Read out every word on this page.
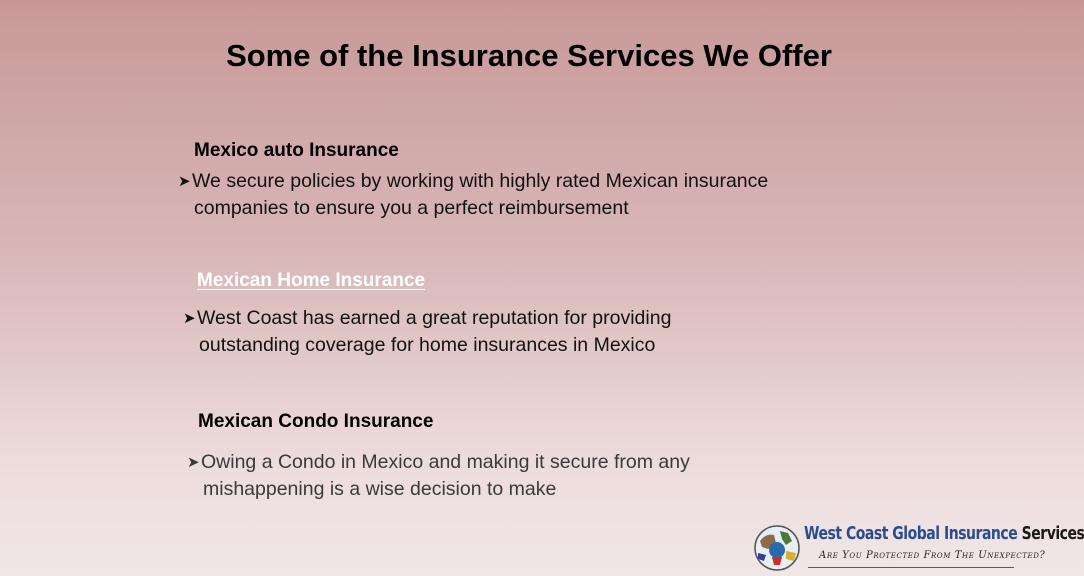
Some of the Insurance Services We Offer
Mexico auto Insurance
➤We secure policies by working with highly rated Mexican insurance
companies to ensure you a perfect reimbursement
Mexican Home Insurance
➤West Coast has earned a great reputation for providing
outstanding coverage for home insurances in Mexico
Mexican Condo Insurance
➤Owing a Condo in Mexico and making it secure from any
mishappening is a wise decision to make
West Coast Global Insurance Services
Are You Protected From The Unexpected?
